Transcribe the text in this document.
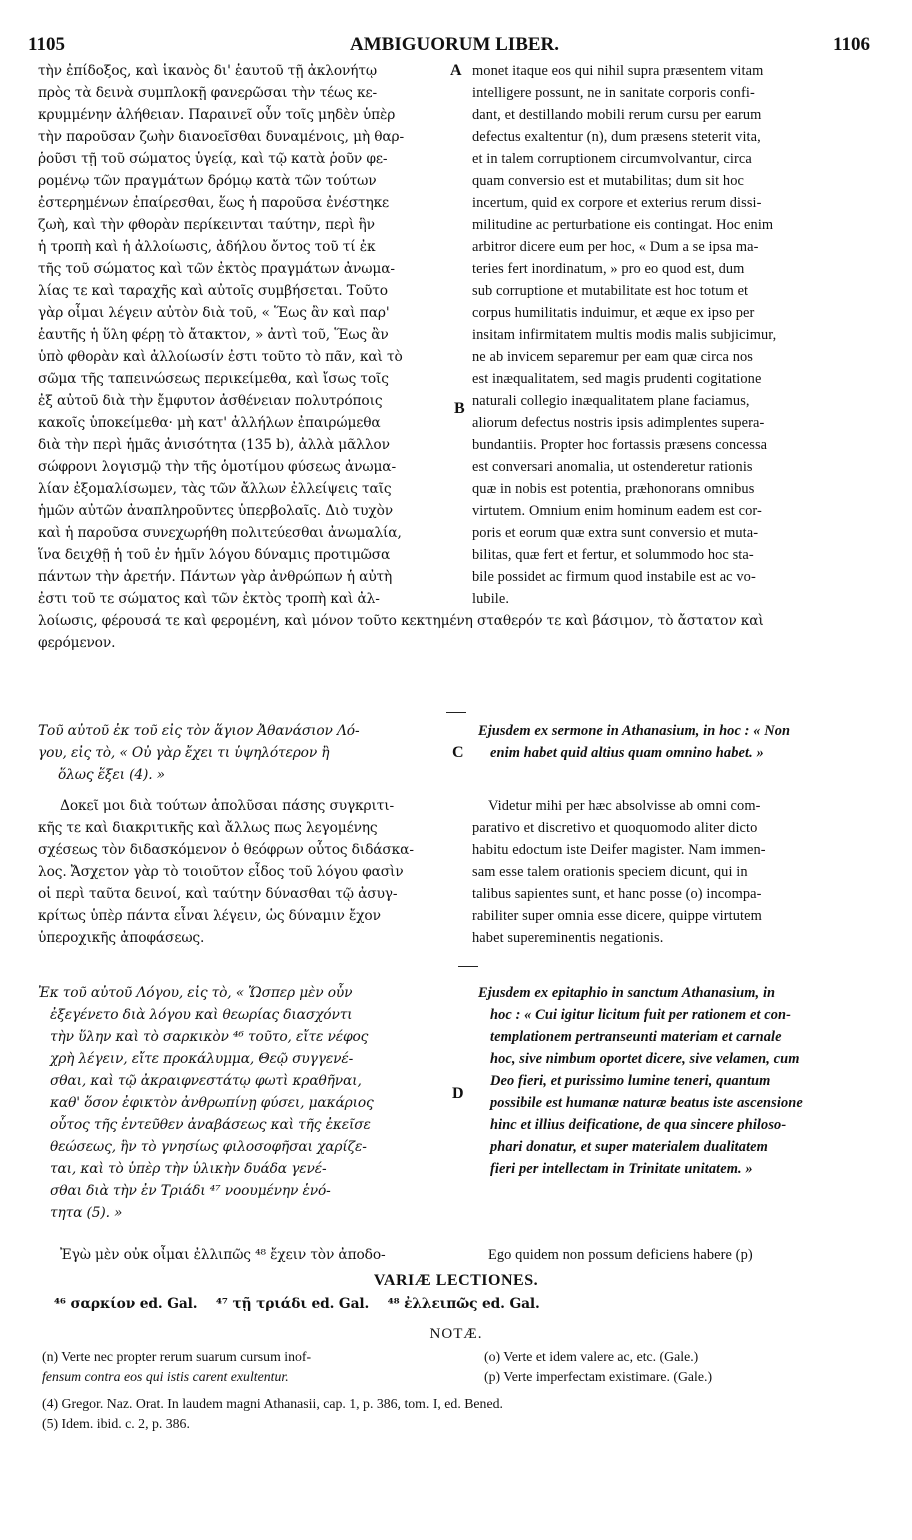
1105	AMBIGUORUM LIBER.	1106
τὴν ἐπίδοξος, καὶ ἱκανὸς δι' ἑαυτοῦ τῇ ἀκλονήτῳ
πρὸς τὰ δεινὰ συμπλοκῇ φανερῶσαι τὴν τέως κε-
κρυμμένην ἀλήθειαν. Παραινεῖ οὖν τοῖς μηδὲν ὑπὲρ
τὴν παροῦσαν ζωὴν διανοεῖσθαι δυναμένοις, μὴ θαρ-
ῥοῦσι τῇ τοῦ σώματος ὑγείᾳ, καὶ τῷ κατὰ ῥοῦν φε-
ρομένῳ τῶν πραγμάτων δρόμῳ κατὰ τῶν τούτων
ἐστερημένων ἐπαίρεσθαι, ἕως ἡ παροῦσα ἐνέστηκε
ζωὴ, καὶ τὴν φθορὰν περίκεινται ταύτην, περὶ ἣν
ἡ τροπὴ καὶ ἡ ἀλλοίωσις, ἀδήλου ὄντος τοῦ τί ἐκ
τῆς τοῦ σώματος καὶ τῶν ἐκτὸς πραγμάτων ἀνωμα-
λίας τε καὶ ταραχῆς καὶ αὐτοῖς συμβήσεται. Τοῦτο
γὰρ οἶμαι λέγειν αὐτὸν διὰ τοῦ, « Ἕως ἂν καὶ παρ'
ἑαυτῆς ἡ ὕλη φέρῃ τὸ ἄτακτον, » ἀντὶ τοῦ, Ἕως ἂν
ὑπὸ φθορὰν καὶ ἀλλοίωσίν ἐστι τοῦτο τὸ πᾶν, καὶ τὸ
σῶμα τῆς ταπεινώσεως περικείμεθα, καὶ ἴσως τοῖς
ἐξ αὐτοῦ διὰ τὴν ἔμφυτον ἀσθένειαν πολυτρόποις
κακοῖς ὑποκείμεθα· μὴ κατ' ἀλλήλων ἐπαιρώμεθα
διὰ τὴν περὶ ἡμᾶς ἀνισότητα (135 b), ἀλλὰ μᾶλλον
σώφρονι λογισμῷ τὴν τῆς ὁμοτίμου φύσεως ἀνωμα-
λίαν ἐξομαλίσωμεν, τὰς τῶν ἄλλων ἐλλείψεις ταῖς
ἡμῶν αὐτῶν ἀναπληροῦντες ὑπερβολαῖς. Διὸ τυχὸν
καὶ ἡ παροῦσα συνεχωρήθη πολιτεύεσθαι ἀνωμαλία,
ἵνα δειχθῇ ἡ τοῦ ἐν ἡμῖν λόγου δύναμις προτιμῶσα
πάντων τὴν ἀρετήν. Πάντων γὰρ ἀνθρώπων ἡ αὐτὴ
ἐστι τοῦ τε σώματος καὶ τῶν ἐκτὸς τροπὴ καὶ ἀλ-
A
B
monet itaque eos qui nihil supra præsentem vitam
intelligere possunt, ne in sanitate corporis confi-
dant, et destillando mobili rerum cursu per earum
defectus exaltentur (n), dum præsens steterit vita,
et in talem corruptionem circumvolvantur, circa
quam conversio est et mutabilitas; dum sit hoc
incertum, quid ex corpore et exterius rerum dissi-
militudine ac perturbatione eis contingat. Hoc enim
arbitror dicere eum per hoc, « Dum a se ipsa ma-
teries fert inordinatum, » pro eo quod est, dum
sub corruptione et mutabilitate est hoc totum et
corpus humilitatis induimur, et æque ex ipso per
insitam infirmitatem multis modis malis subjicimur,
ne ab invicem separemur per eam quæ circa nos
est inæqualitatem, sed magis prudenti cogitatione
naturali collegio inæqualitatem plane faciamus,
aliorum defectus nostris ipsis adimplentes supera-
bundantiis. Propter hoc fortassis præsens concessa
est conversari anomalia, ut ostenderetur rationis
quæ in nobis est potentia, præhonorans omnibus
virtutem. Omnium enim hominum eadem est cor-
poris et eorum quæ extra sunt conversio et muta-
bilitas, quæ fert et fertur, et solummodo hoc sta-
bile possidet ac firmum quod instabile est ac vo-
lubile.
λοίωσις, φέρουσά τε καὶ φερομένη, καὶ μόνον τοῦτο κεκτημένη σταθερόν τε καὶ βάσιμον, τὸ ἄστατον καὶ
φερόμενον.
Τοῦ αὐτοῦ ἐκ τοῦ εἰς τὸν ἅγιον Ἀθανάσιον Λό-
γου, εἰς τὸ, « Οὐ γὰρ ἔχει τι ὑψηλότερον ἢ
ὅλως ἕξει (4). »
C
Ejusdem ex sermone in Athanasium, in hoc : « Non
enim habet quid altius quam omnino habet. »
Δοκεῖ μοι διὰ τούτων ἀπολῦσαι πάσης συγκριτι-
κῆς τε καὶ διακριτικῆς καὶ ἄλλως πως λεγομένης
σχέσεως τὸν διδασκόμενον ὁ θεόφρων οὗτος διδάσκα-
λος. Ἄσχετον γὰρ τὸ τοιοῦτον εἶδος τοῦ λόγου φασὶν
οἱ περὶ ταῦτα δεινοί, καὶ ταύτην δύνασθαι τῷ ἀσυγ-
κρίτως ὑπὲρ πάντα εἶναι λέγειν, ὡς δύναμιν ἔχον
ὑπεροχικῆς ἀποφάσεως.
Videtur mihi per hæc absolvisse ab omni com-
parativo et discretivo et quoquomodo aliter dicto
habitu edoctum iste Deifer magister. Nam immen-
sam esse talem orationis speciem dicunt, qui in
talibus sapientes sunt, et hanc posse (o) incompa-
rabiliter super omnia esse dicere, quippe virtutem
habet supereminentis negationis.
Ἐκ τοῦ αὐτοῦ Λόγου, εἰς τὸ, « Ὥσπερ μὲν οὖν
ἐξεγένετο διὰ λόγου καὶ θεωρίας διασχόντι
τὴν ὕλην καὶ τὸ σαρκικὸν ⁴⁶ τοῦτο, εἴτε νέφος
χρὴ λέγειν, εἴτε προκάλυμμα, Θεῷ συγγενέ-
σθαι, καὶ τῷ ἀκραιφνεστάτῳ φωτὶ κραθῆναι,
καθ' ὅσον ἐφικτὸν ἀνθρωπίνῃ φύσει, μακάριος
οὗτος τῆς ἐντεῦθεν ἀναβάσεως καὶ τῆς ἐκεῖσε
θεώσεως, ἣν τὸ γνησίως φιλοσοφῆσαι χαρίζε-
ται, καὶ τὸ ὑπὲρ τὴν ὑλικὴν δυάδα γενέ-
σθαι διὰ τὴν ἐν Τριάδι ⁴⁷ νοουμένην ἑνό-
τητα (5). »
D
Ejusdem ex epitaphio in sanctum Athanasium, in
hoc : « Cui igitur licitum fuit per rationem et con-
templationem pertranseunti materiam et carnale
hoc, sive nimbum oportet dicere, sive velamen, cum
Deo fieri, et purissimo lumine teneri, quantum
possibile est humanæ naturæ beatus iste ascensione
hinc et illius deificatione, de qua sincere philoso-
phari donatur, et super materialem dualitatem
fieri per intellectam in Trinitate unitatem. »
Ἐγὼ μὲν οὐκ οἶμαι ἐλλιπῶς ⁴⁸ ἔχειν τὸν ἀποδο-	Ego quidem non possum deficiens habere (p)
VARIÆ LECTIONES.
⁴⁶ σαρκίον ed. Gal.    ⁴⁷ τῇ τριάδι ed. Gal.    ⁴⁸ ἐλλειπῶς ed. Gal.
NOTÆ.
(n) Verte nec propter rerum suarum cursum inof-
fensum contra eos qui istis carent exultentur.
(o) Verte et idem valere ac, etc. (Gale.)
(p) Verte imperfectam existimare. (Gale.)
(4) Gregor. Naz. Orat. In laudem magni Athanasii, cap. 1, p. 386, tom. I, ed. Bened.
(5) Idem. ibid. c. 2, p. 386.
